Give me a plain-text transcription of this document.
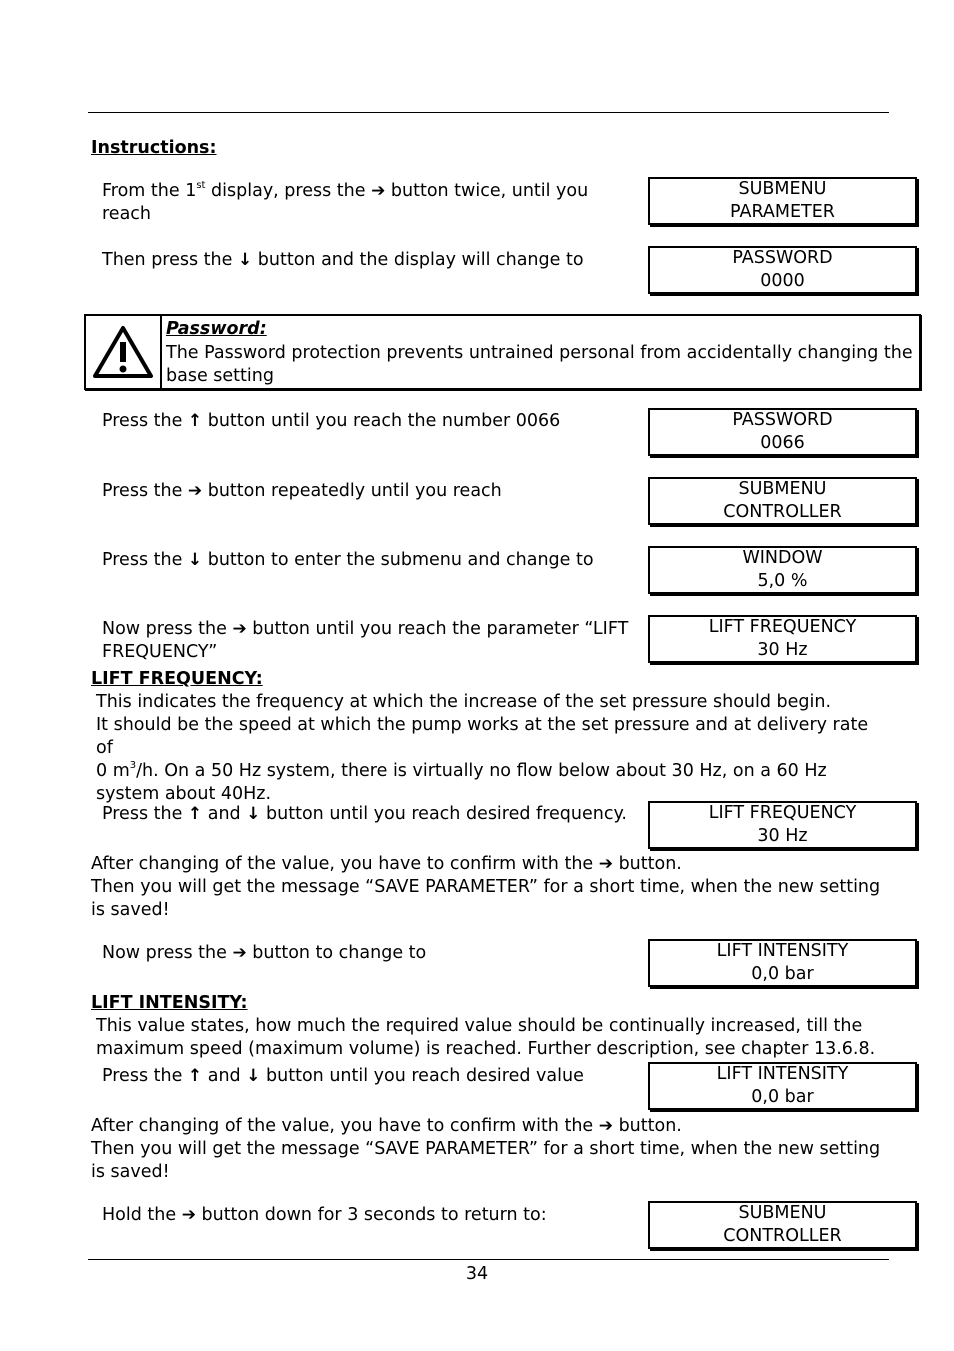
Instructions:
From the 1st display, press the ➔ button twice, until you reach
SUBMENU
PARAMETER
Then press the ↓ button and the display will change to	PASSWORD
0000
Password:
The Password protection prevents untrained personal from accidentally changing the base setting
Press the ↑ button until you reach the number 0066	PASSWORD
0066
Press the ➔ button repeatedly until you reach	SUBMENU
CONTROLLER
Press the ↓ button to enter the submenu and change to	WINDOW
5,0 %
Now press the ➔ button until you reach the parameter “LIFT FREQUENCY”
LIFT FREQUENCY
30 Hz
LIFT FREQUENCY:
This indicates the frequency at which the increase of the set pressure should begin.
It should be the speed at which the pump works at the set pressure and at delivery rate of
0 $m^3/h$. On a 50 Hz system, there is virtually no flow below about 30 Hz, on a 60 Hz
system about 40Hz.
Press the ↑ and ↓ button until you reach desired frequency.	LIFT FREQUENCY
30 Hz
After changing of the value, you have to confirm with the ➔ button.
Then you will get the message “SAVE PARAMETER” for a short time, when the new setting
is saved!
Now press the ➔ button to change to	LIFT INTENSITY
0,0 bar
LIFT INTENSITY:
This value states, how much the required value should be continually increased, till the
maximum speed (maximum volume) is reached. Further description, see chapter 13.6.8.
Press the ↑ and ↓ button until you reach desired value	LIFT INTENSITY
0,0 bar
After changing of the value, you have to confirm with the ➔ button.
Then you will get the message “SAVE PARAMETER” for a short time, when the new setting
is saved!
Hold the ➔ button down for 3 seconds to return to:	SUBMENU
CONTROLLER
34
